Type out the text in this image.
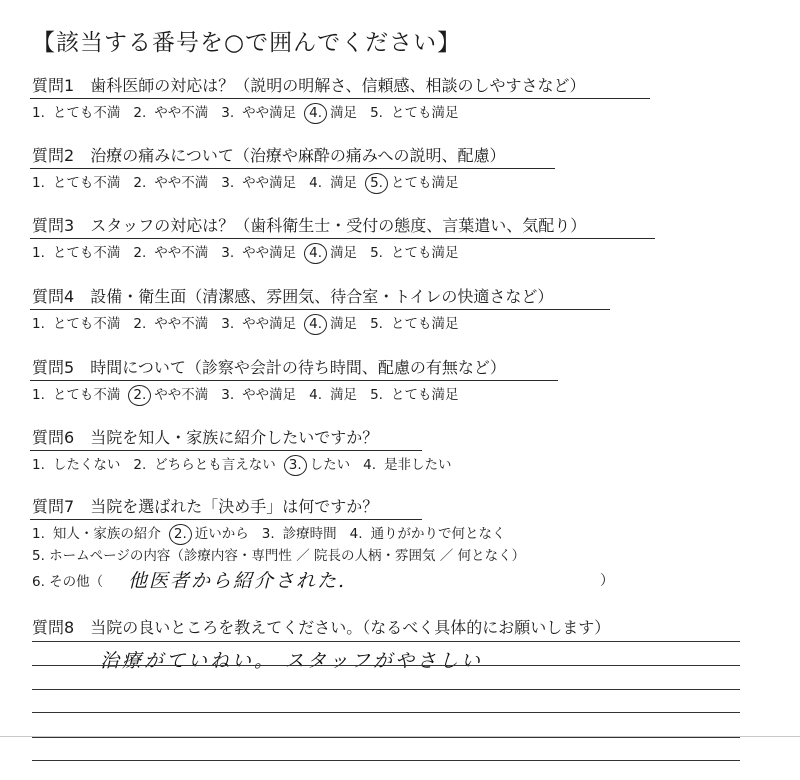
【該当する番号を○で囲んでください】
質問1 歯科医師の対応は？（説明の明解さ、信頼感、相談のしやすさなど）
1. とても不満 2. やや不満 3. やや満足 4. 満足 5. とても満足
質問2 治療の痛みについて（治療や麻酔の痛みへの説明、配慮）
1. とても不満 2. やや不満 3. やや満足 4. 満足 5. とても満足
質問3 スタッフの対応は？（歯科衛生士・受付の態度、言葉遣い、気配り）
1. とても不満 2. やや不満 3. やや満足 4. 満足 5. とても満足
質問4 設備・衛生面（清潔感、雰囲気、待合室・トイレの快適さなど）
1. とても不満 2. やや不満 3. やや満足 4. 満足 5. とても満足
質問5 時間について（診察や会計の待ち時間、配慮の有無など）
1. とても不満 2. やや不満 3. やや満足 4. 満足 5. とても満足
質問6 当院を知人・家族に紹介したいですか？
1. したくない 2. どちらとも言えない 3. したい 4. 是非したい
質問7 当院を選ばれた「決め手」は何ですか？
1. 知人・家族の紹介 2. 近いから 3. 診療時間 4. 通りがかりで何となく
5. ホームページの内容（診療内容・専門性 ／ 院長の人柄・雰囲気 ／ 何となく）
6. その他（ 他医者から紹介された.	）
質問8 当院の良いところを教えてください。（なるべく具体的にお願いします）
治療がていねい。 スタッフがやさしい
